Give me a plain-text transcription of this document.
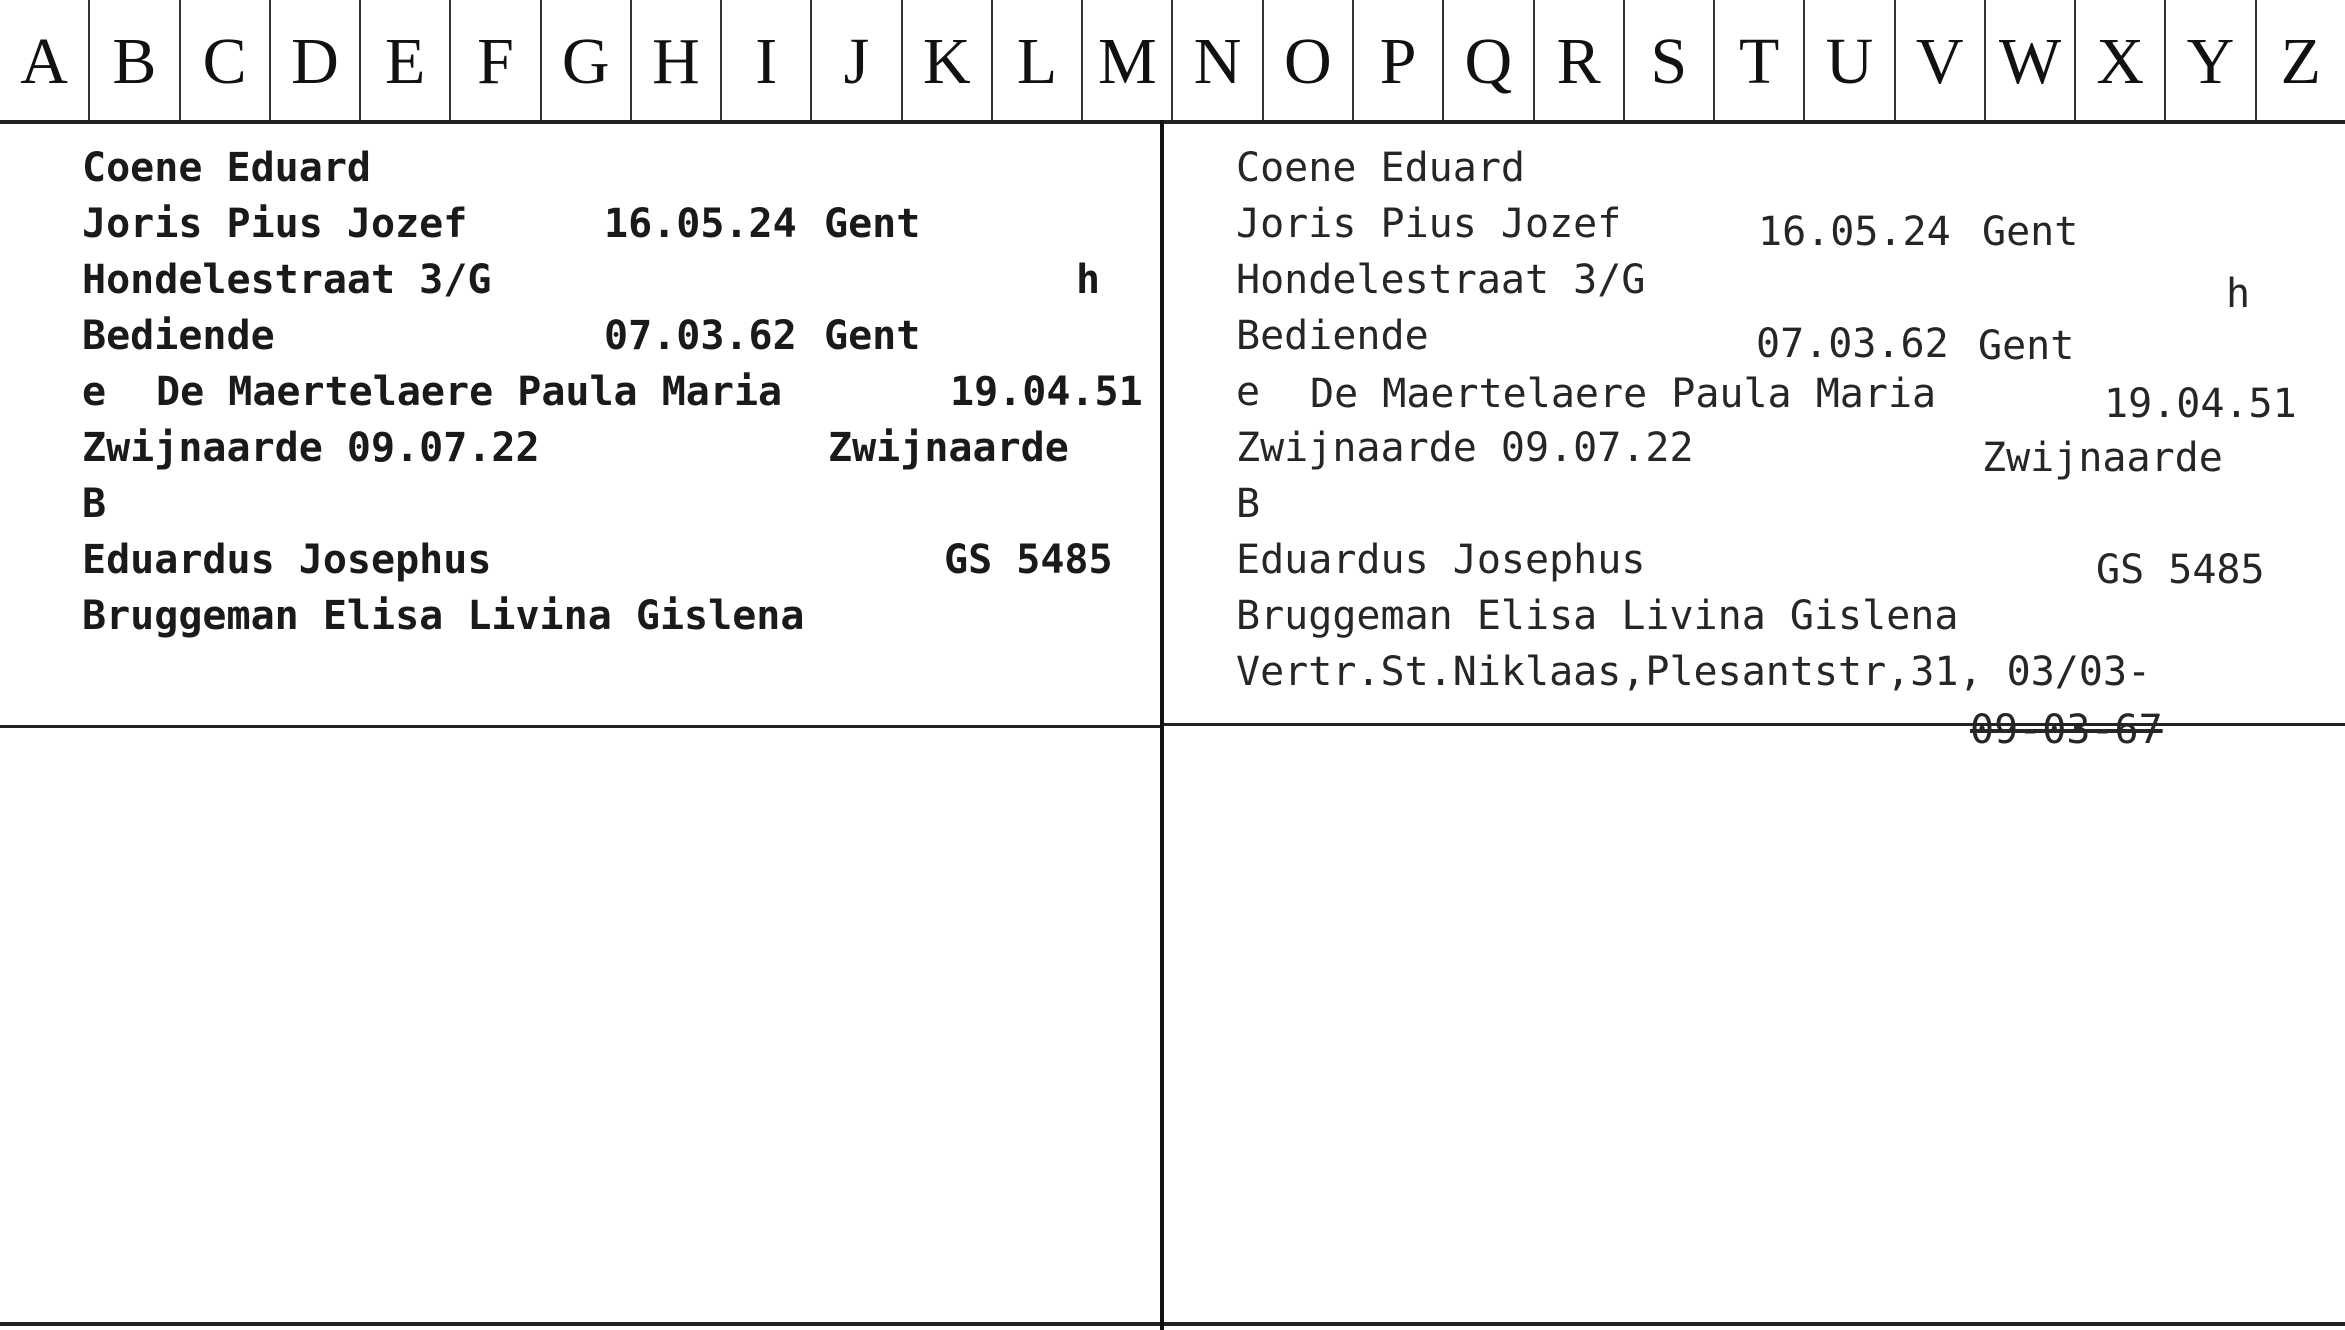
A B C D E F G H I	J K L M N O P Q R S T U V W X Y Z

Coene Eduard

Joris Pius Jozef

	16.05.24

Gent

Hondelestraat 3/G

	h

Bediende

	07.03.62

Gent

e

De Maertelaere Paula Maria

	19.04.51

Zwijnaarde 09.07.22

	Zwijnaarde

B

Eduardus Josephus

	GS 5485

Bruggeman Elisa Livina Gislena

Coene Eduard

Joris Pius Jozef

	16.05.24

Gent

Hondelestraat 3/G

	h

Bediende

	07.03.62

Gent

e

De Maertelaere Paula Maria

	19.04.51

Zwijnaarde 09.07.22

	Zwijnaarde

B

Eduardus Josephus

	GS 5485

Bruggeman Elisa Livina Gislena

Vertr.St.Niklaas,Plesantstr,31, 03/03-

09-03-67
